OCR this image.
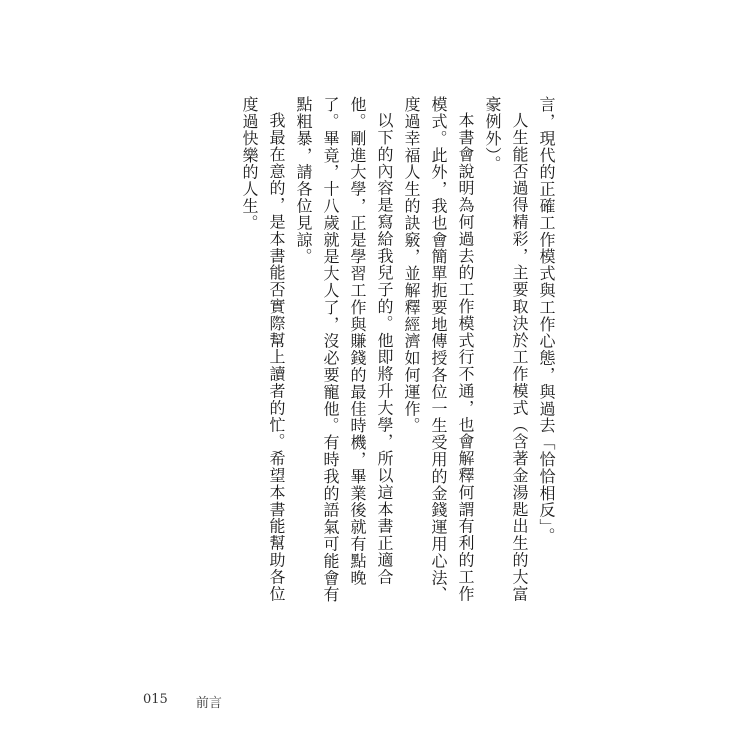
言，現代的正確工作模式與工作心態，與過去「恰恰相反」。

人生能否過得精彩，主要取決於工作模式（含著金湯匙出生的大富豪例外）。

本書會說明為何過去的工作模式行不通，也會解釋何謂有利的工作模式。此外，我也會簡單扼要地傳授各位一生受用的金錢運用心法、度過幸福人生的訣竅，並解釋經濟如何運作。

以下的內容是寫給我兒子的。他即將升大學，所以這本書正適合他。剛進大學，正是學習工作與賺錢的最佳時機，畢業後就有點晚了。畢竟，十八歲就是大人了，沒必要寵他。有時我的語氣可能會有點粗暴，請各位見諒。

我最在意的，是本書能否實際幫上讀者的忙。希望本書能幫助各位度過快樂的人生。

015 前言
